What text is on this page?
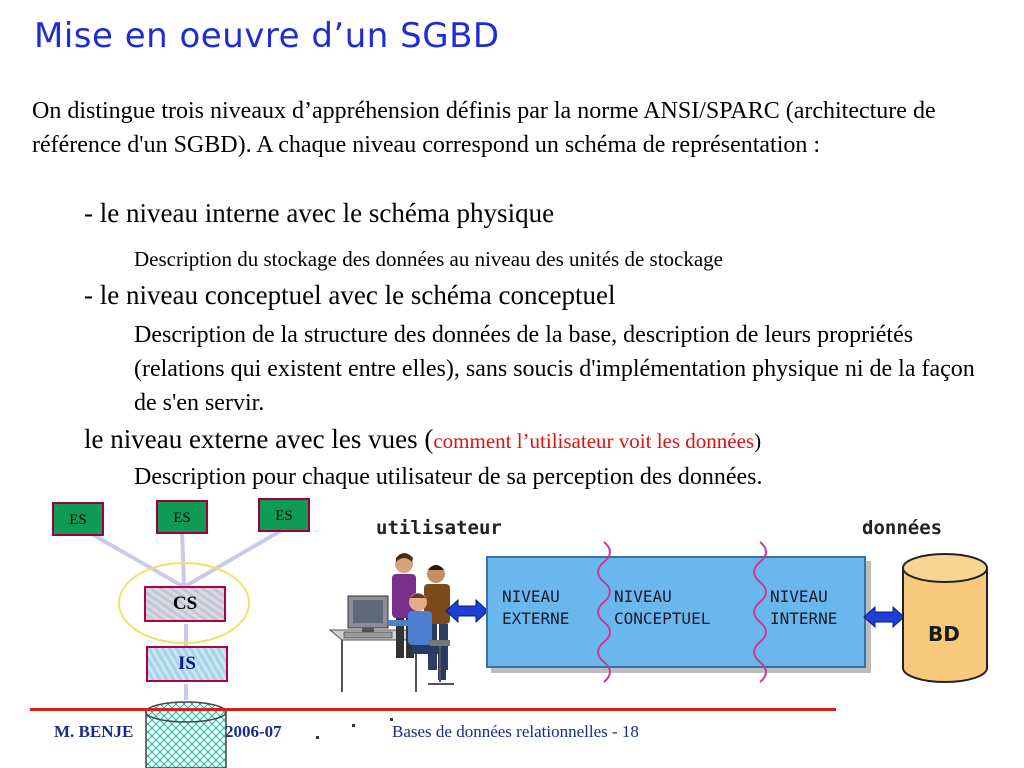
Mise en oeuvre d’un SGBD
On distingue trois niveaux d’appréhension définis par la norme ANSI/SPARC (architecture de référence d'un SGBD). A chaque niveau correspond un schéma de représentation :
- le niveau interne avec le schéma physique
Description du stockage des données au niveau des unités de stockage
- le niveau conceptuel avec le schéma conceptuel
Description de la structure des données de la base, description de leurs propriétés (relations qui existent entre elles), sans soucis d'implémentation physique ni de la façon de s'en servir.
le niveau externe avec les vues (comment l’utilisateur voit les données)
Description pour chaque utilisateur de sa perception des données.
ES	ES	ES
CS
IS
utilisateur	données
NIVEAU
EXTERNE
NIVEAU
CONCEPTUEL
NIVEAU
INTERNE
BD
M. BENJE	2006-07	Bases de données relationnelles - 18
